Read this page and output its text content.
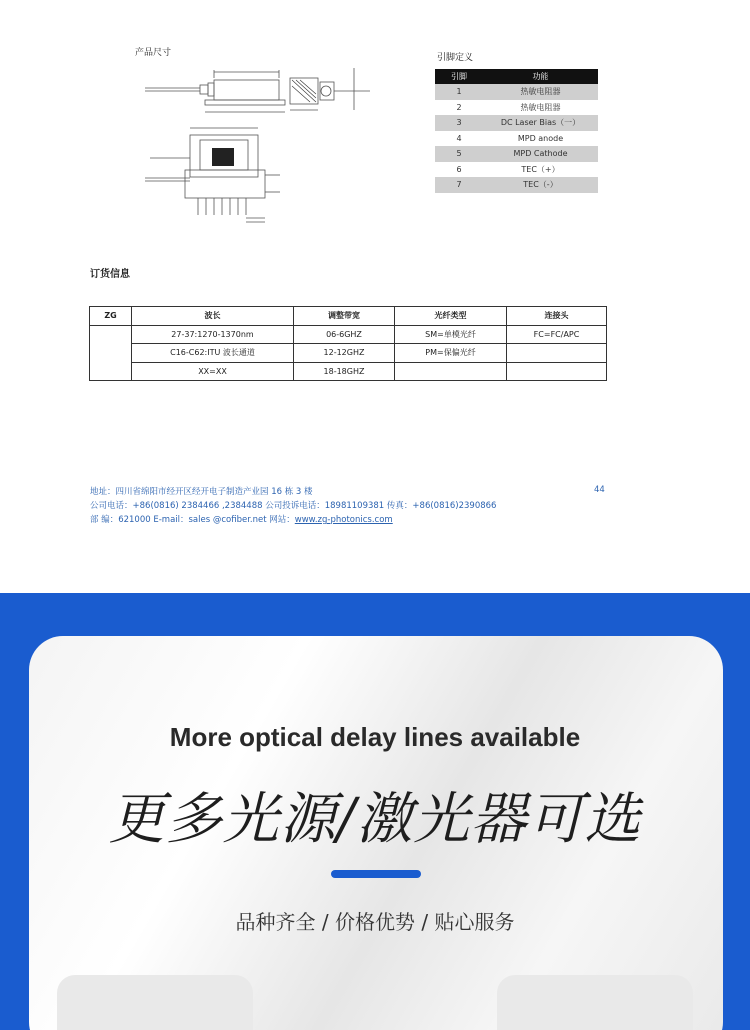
产品尺寸	引脚定义
引脚	功能
1	热敏电阻器
2	热敏电阻器
3	DC Laser Bias（一）
4	MPD anode
5	MPD Cathode
6	TEC（+）
7	TEC（-）
订货信息
ZG	波长	调整带宽	光纤类型	连接头
	27-37:1270-1370nm	06-6GHZ	SM=单模光纤	FC=FC/APC
	C16-C62:ITU 波长通道	12-12GHZ	PM=保偏光纤	
	XX=XX	18-18GHZ		
地址：四川省绵阳市经开区经开电子制造产业园 16 栋 3 楼	44
公司电话：+86(0816) 2384466 ,2384488 公司投诉电话：18981109381 传真：+86(0816)2390866
部 编：621000 E-mail：sales @cofiber.net 网站：www.zg-photonics.com
More optical delay lines available
更多光源/激光器可选
品种齐全 / 价格优势 / 贴心服务
